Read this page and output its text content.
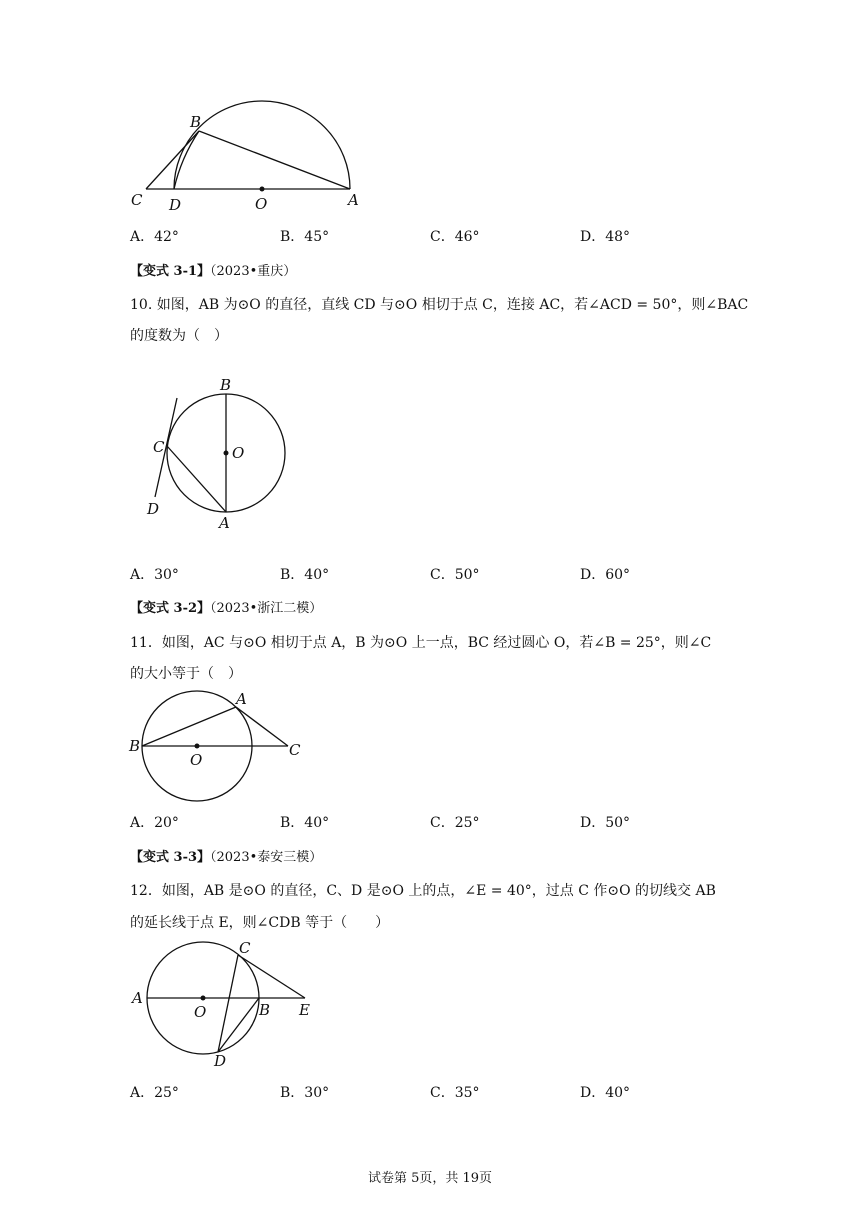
B
C D	O	A
A．42°	B．45°	C．46°	D．48°
【变式 3-1】（2023•重庆）
10. 如图，AB 为⊙O 的直径，直线 CD 与⊙O 相切于点 C，连接 AC，若∠ACD = 50°，则∠BAC
的度数为（　）
B
C	O
D
A
A．30°	B．40°	C．50°	D．60°
【变式 3-2】（2023•浙江二模）
11．如图，AC 与⊙O 相切于点 A，B 为⊙O 上一点，BC 经过圆心 O，若∠B = 25°，则∠C
的大小等于（　）
A
B
O
C
A．20°	B．40°	C．25°	D．50°
【变式 3-3】（2023•泰安三模）
12．如图，AB 是⊙O 的直径，C、D 是⊙O 上的点，∠E = 40°，过点 C 作⊙O 的切线交 AB
的延长线于点 E，则∠CDB 等于（　　）
C
A
O	B E
D
A．25°	B．30°	C．35°	D．40°
试卷第 5页，共 19页
